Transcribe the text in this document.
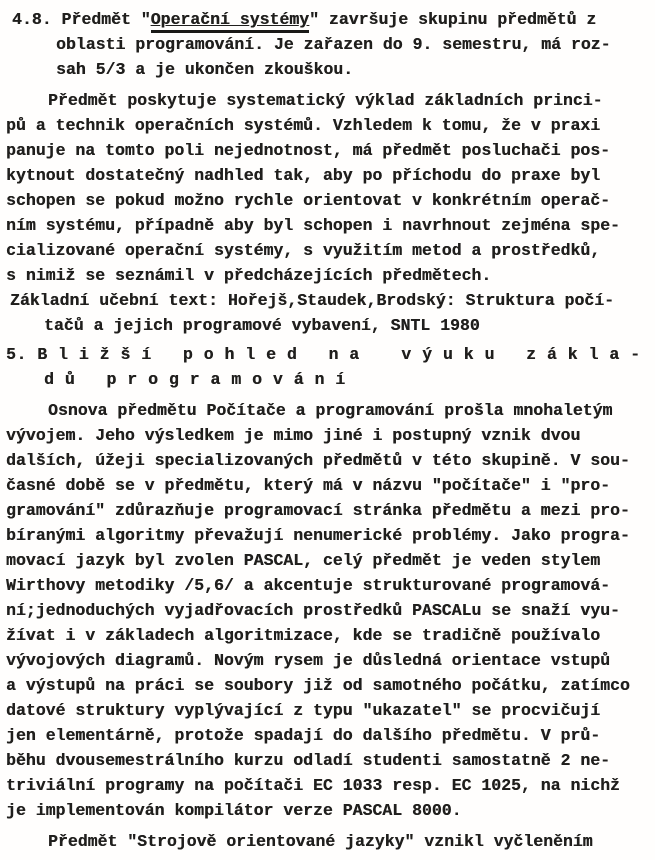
4.8. Předmět "Operační systémy" završuje skupinu předmětů z
oblasti programování. Je zařazen do 9. semestru, má roz-
sah 5/3 a je ukončen zkouškou.
Předmět poskytuje systematický výklad základních princi-
pů a technik operačních systémů. Vzhledem k tomu, že v praxi
panuje na tomto poli nejednotnost, má předmět posluchači pos-
kytnout dostatečný nadhled tak, aby po příchodu do praxe byl
schopen se pokud možno rychle orientovat v konkrétním operač-
ním systému, případně aby byl schopen i navrhnout zejména spe-
cializované operační systémy, s využitím metod a prostředků,
s nimiž se seznámil v předcházejících předmětech.
Základní učební text: Hořejš,Staudek,Brodský: Struktura počí-
tačů a jejich programové vybavení, SNTL 1980
5. B l i ž š í   p o h l e d   n a    v ý u k u   z á k l a -
d ů   p r o g r a m o v á n í
Osnova předmětu Počítače a programování prošla mnohaletým
vývojem. Jeho výsledkem je mimo jiné i postupný vznik dvou
dalších, úžeji specializovaných předmětů v této skupině. V sou-
časné době se v předmětu, který má v názvu "počítače" i "pro-
gramování" zdůrazňuje programovací stránka předmětu a mezi pro-
bíranými algoritmy převažují nenumerické problémy. Jako progra-
movací jazyk byl zvolen PASCAL, celý předmět je veden stylem
Wirthovy metodiky /5,6/ a akcentuje strukturované programová-
ní;jednoduchých vyjadřovacích prostředků PASCALu se snaží vyu-
žívat i v základech algoritmizace, kde se tradičně používalo
vývojových diagramů. Novým rysem je důsledná orientace vstupů
a výstupů na práci se soubory již od samotného počátku, zatímco
datové struktury vyplývající z typu "ukazatel" se procvičují
jen elementárně, protože spadají do dalšího předmětu. V prů-
běhu dvousemestrálního kurzu odladí studenti samostatně 2 ne-
triviální programy na počítači EC 1033 resp. EC 1025, na nichž
je implementován kompilátor verze PASCAL 8000.
Předmět "Strojově orientované jazyky" vznikl vyčleněním
